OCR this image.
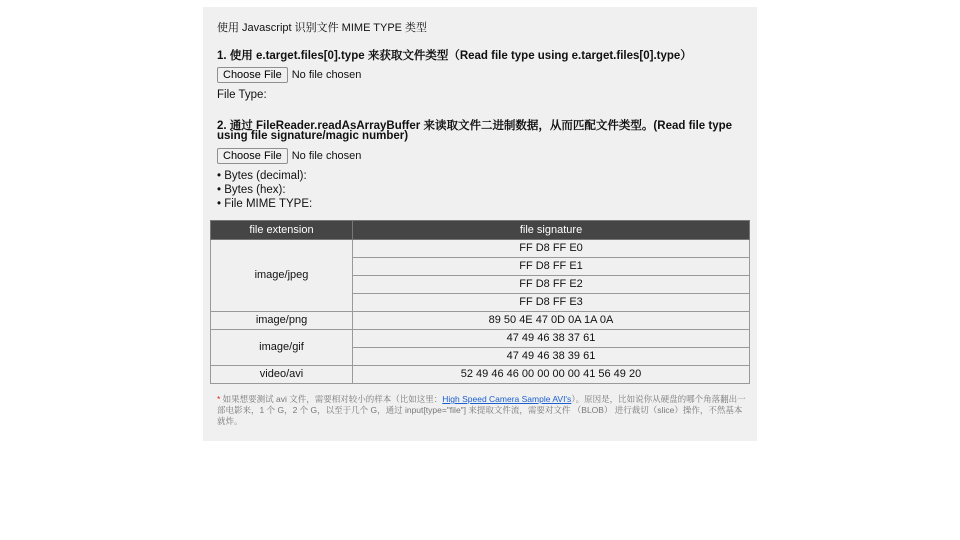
使用 Javascript 识别文件 MIME TYPE 类型
1. 使用 e.target.files[0].type 来获取文件类型（Read file type using e.target.files[0].type）
Choose File No file chosen
File Type:
2. 通过 FileReader.readAsArrayBuffer 来读取文件二进制数据，从而匹配文件类型。(Read file type using file signature/magic number)
Choose File No file chosen
• Bytes (decimal):
• Bytes (hex):
• File MIME TYPE:
file extension	file signature
image/jpeg	FF D8 FF E0
	FF D8 FF E1
	FF D8 FF E2
	FF D8 FF E3
image/png	89 50 4E 47 0D 0A 1A 0A
image/gif	47 49 46 38 37 61
	47 49 46 38 39 61
video/avi	52 49 46 46 00 00 00 00 41 56 49 20
* 如果想要测试 avi 文件，需要相对较小的样本（比如这里：High Speed Camera Sample AVI's）。原因是，比如说你从硬盘的哪个角落翻出一部电影来，1 个 G，2 个 G，以至于几个 G，通过 input[type="file"] 来提取文件流，需要对文件 （BLOB） 进行裁切（slice）操作，不然基本就炸。
